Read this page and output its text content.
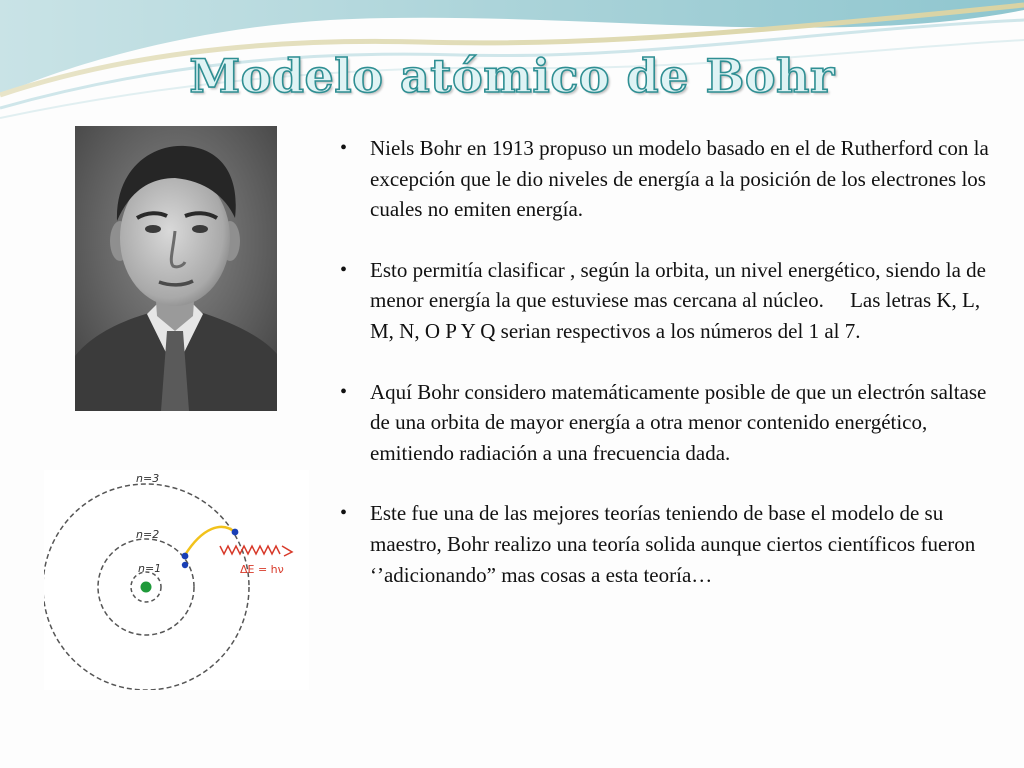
Modelo atómico de Bohr
n=3
n=2
n=1	ΔE = hν
• Niels Bohr en 1913 propuso un modelo basado en el de Rutherford con la excepción que le dio niveles de energía a la posición de los electrones los cuales no emiten energía.
• Esto permitía clasificar , según la orbita, un nivel energético, siendo la de menor energía la que estuviese mas cercana al núcleo.     Las letras K, L, M, N, O P Y Q serian respectivos a los números del 1 al 7.
• Aquí Bohr considero matemáticamente posible de que un electrón saltase de una orbita de mayor energía a otra menor contenido energético, emitiendo radiación a una frecuencia dada.
• Este fue una de las mejores teorías teniendo de base el modelo de su maestro, Bohr realizo una teoría solida aunque ciertos científicos fueron ‘’adicionando” mas cosas a esta teoría…
